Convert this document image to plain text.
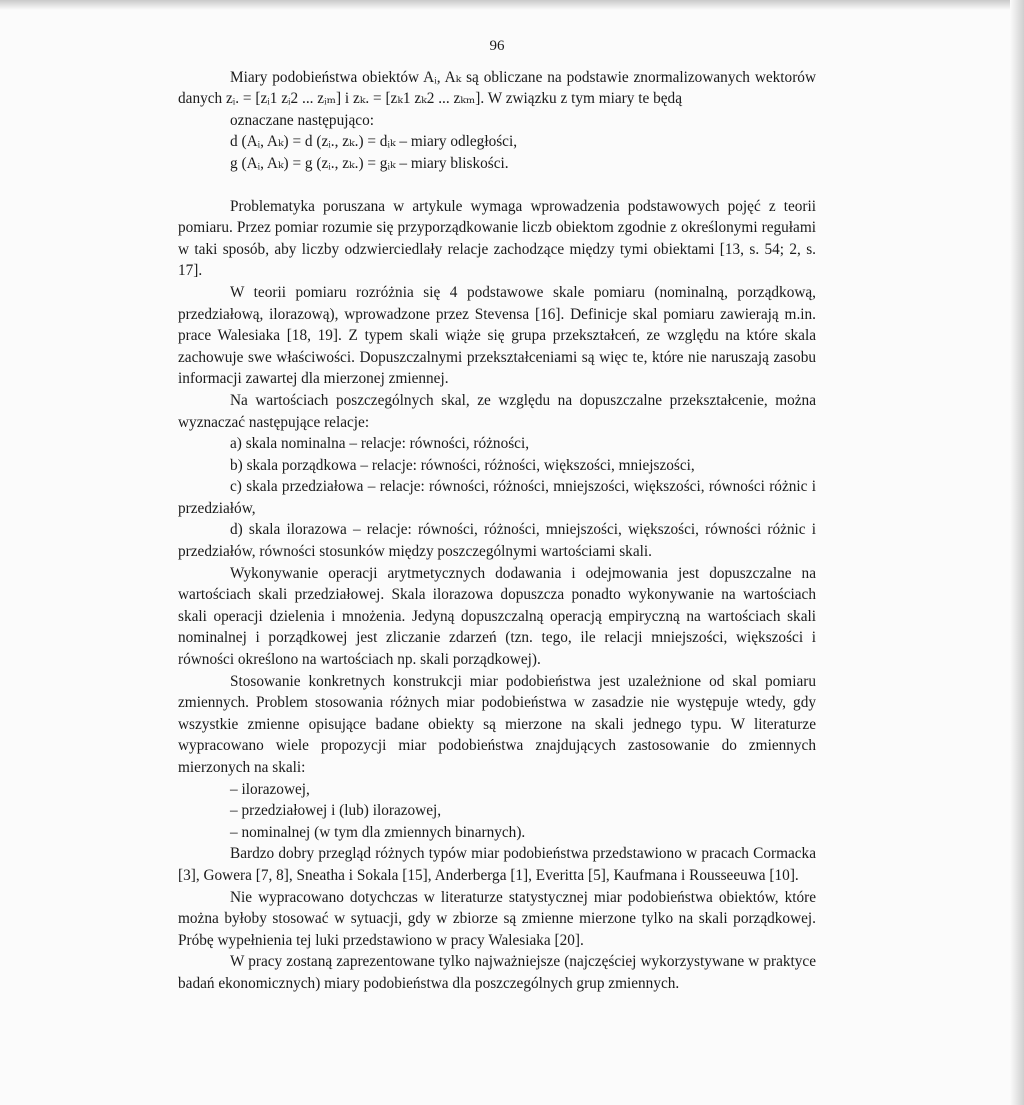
96

Miary podobieństwa obiektów Aᵢ, Aₖ są obliczane na podstawie znormalizowanych wektorów danych zᵢ. = [zᵢ1 zᵢ2 ... zᵢₘ] i zₖ. = [zₖ1 zₖ2 ... zₖₘ]. W związku z tym miary te będą
oznaczane następująco:

d (Aᵢ, Aₖ) = d (zᵢ., zₖ.) = dᵢₖ – miary odległości,
g (Aᵢ, Aₖ) = g (zᵢ., zₖ.) = gᵢₖ – miary bliskości.

Problematyka poruszana w artykule wymaga wprowadzenia podstawowych pojęć z teorii pomiaru. Przez pomiar rozumie się przyporządkowanie liczb obiektom zgodnie z określonymi regułami w taki sposób, aby liczby odzwierciedlały relacje zachodzące między tymi obiektami [13, s. 54; 2, s. 17].

W teorii pomiaru rozróżnia się 4 podstawowe skale pomiaru (nominalną, porządkową, przedziałową, ilorazową), wprowadzone przez Stevensa [16]. Definicje skal pomiaru zawierają m.in. prace Walesiaka [18, 19]. Z typem skali wiąże się grupa przekształceń, ze względu na które skala zachowuje swe właściwości. Dopuszczalnymi przekształceniami są więc te, które nie naruszają zasobu informacji zawartej dla mierzonej zmiennej.

Na wartościach poszczególnych skal, ze względu na dopuszczalne przekształcenie, można wyznaczać następujące relacje:

a) skala nominalna – relacje: równości, różności,

b) skala porządkowa – relacje: równości, różności, większości, mniejszości,

c) skala przedziałowa – relacje: równości, różności, mniejszości, większości, równości różnic i przedziałów,

d) skala ilorazowa – relacje: równości, różności, mniejszości, większości, równości różnic i przedziałów, równości stosunków między poszczególnymi wartościami skali.

Wykonywanie operacji arytmetycznych dodawania i odejmowania jest dopuszczalne na wartościach skali przedziałowej. Skala ilorazowa dopuszcza ponadto wykonywanie na wartościach skali operacji dzielenia i mnożenia. Jedyną dopuszczalną operacją empiryczną na wartościach skali nominalnej i porządkowej jest zliczanie zdarzeń (tzn. tego, ile relacji mniejszości, większości i równości określono na wartościach np. skali porządkowej).

Stosowanie konkretnych konstrukcji miar podobieństwa jest uzależnione od skal pomiaru zmiennych. Problem stosowania różnych miar podobieństwa w zasadzie nie występuje wtedy, gdy wszystkie zmienne opisujące badane obiekty są mierzone na skali jednego typu. W literaturze wypracowano wiele propozycji miar podobieństwa znajdujących zastosowanie do zmiennych mierzonych na skali:

– ilorazowej,
– przedziałowej i (lub) ilorazowej,
– nominalnej (w tym dla zmiennych binarnych).

Bardzo dobry przegląd różnych typów miar podobieństwa przedstawiono w pracach Cormacka [3], Gowera [7, 8], Sneatha i Sokala [15], Anderberga [1], Everitta [5], Kaufmana i Rousseeuwa [10].

Nie wypracowano dotychczas w literaturze statystycznej miar podobieństwa obiektów, które można byłoby stosować w sytuacji, gdy w zbiorze są zmienne mierzone tylko na skali porządkowej. Próbę wypełnienia tej luki przedstawiono w pracy Walesiaka [20].

W pracy zostaną zaprezentowane tylko najważniejsze (najczęściej wykorzystywane w praktyce badań ekonomicznych) miary podobieństwa dla poszczególnych grup zmiennych.
